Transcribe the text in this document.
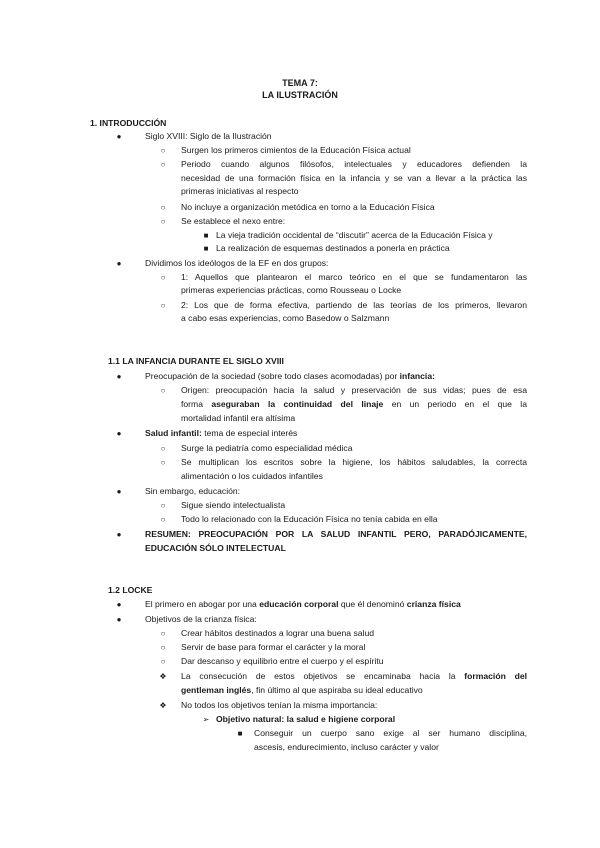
TEMA 7:
LA ILUSTRACIÓN
1. INTRODUCCIÓN
●	Siglo XVIII: Siglo de la Ilustración
○ Surgen los primeros cimientos de la Educación Física actual
○ Periodo cuando algunos filósofos, intelectuales y educadores defienden la
necesidad de una formación física en la infancia y se van a llevar a la práctica las
primeras iniciativas al respecto
○ No incluye a organización metódica en torno a la Educación Física
○ Se establece el nexo entre:
■ La vieja tradición occidental de “discutir” acerca de la Educación Física y
■ La realización de esquemas destinados a ponerla en práctica
●	Dividimos los ideólogos de la EF en dos grupos:
○ 1: Aquellos que plantearon el marco teórico en el que se fundamentaron las
primeras experiencias prácticas, como Rousseau o Locke
○ 2: Los que de forma efectiva, partiendo de las teorías de los primeros, llevaron
a cabo esas experiencias, como Basedow o Salzmann
1.1 LA INFANCIA DURANTE EL SIGLO XVIII
●	Preocupación de la sociedad (sobre todo clases acomodadas) por infancia:
○ Origen: preocupación hacia la salud y preservación de sus vidas; pues de esa
forma aseguraban la continuidad del linaje en un periodo en el que la
mortalidad infantil era altísima
●	Salud infantil: tema de especial interés
○ Surge la pediatría como especialidad médica
○ Se multiplican los escritos sobre la higiene, los hábitos saludables, la correcta
alimentación o los cuidados infantiles
●	Sin embargo, educación:
○ Sigue siendo intelectualista
○ Todo lo relacionado con la Educación Física no tenía cabida en ella
●	RESUMEN: PREOCUPACIÓN POR LA SALUD INFANTIL PERO, PARADÓJICAMENTE,
EDUCACIÓN SÓLO INTELECTUAL
1.2 LOCKE
●	El primero en abogar por una educación corporal que él denominó crianza física
●	Objetivos de la crianza física:
○ Crear hábitos destinados a lograr una buena salud
○ Servir de base para formar el carácter y la moral
○ Dar descanso y equilibrio entre el cuerpo y el espíritu
❖ La consecución de estos objetivos se encaminaba hacia la formación del
gentleman inglés, fin último al que aspiraba su ideal educativo
❖ No todos los objetivos tenían la misma importancia:
➢ Objetivo natural: la salud e higiene corporal
■ Conseguir un cuerpo sano exige al ser humano disciplina,
ascesis, endurecimiento, incluso carácter y valor
